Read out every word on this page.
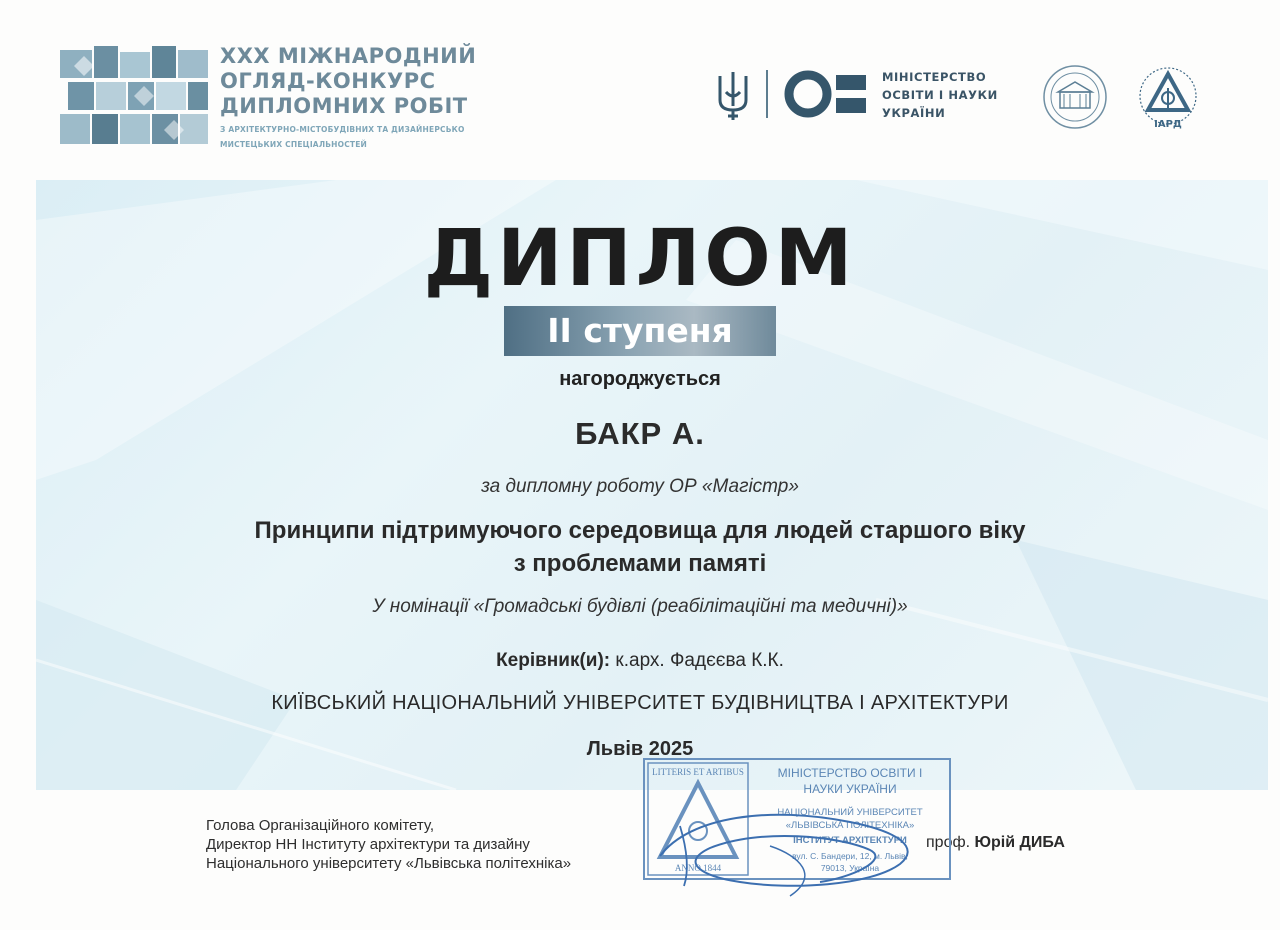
XXX МІЖНАРОДНИЙ
ОГЛЯД-КОНКУРС
ДИПЛОМНИХ РОБІТ
З АРХІТЕКТУРНО-МІСТОБУДІВНИХ ТА ДИЗАЙНЕРСЬКО
МИСТЕЦЬКИХ СПЕЦІАЛЬНОСТЕЙ
МІНІСТЕРСТВО
ОСВІТИ І НАУКИ
УКРАЇНИ
ІАРД
ДИПЛОМ
ІІ ступеня
нагороджується
БАКР А.
за дипломну роботу ОР «Магістр»
Принципи підтримуючого середовища для людей старшого віку
з проблемами памяті
У номінації «Громадські будівлі (реабілітаційні та медичні)»
Керівник(и): к.арх. Фадєєва К.К.
КИЇВСЬКИЙ НАЦІОНАЛЬНИЙ УНІВЕРСИТЕТ БУДІВНИЦТВА І АРХІТЕКТУРИ
Львів 2025
Голова Організаційного комітету,
Директор НН Інституту архітектури та дизайну
Національного університету «Львівська політехніка»
проф. Юрій ДИБА
LITTERIS ET ARTIBUS
ANNO 1844
МІНІСТЕРСТВО ОСВІТИ І
НАУКИ УКРАЇНИ
НАЦІОНАЛЬНИЙ УНІВЕРСИТЕТ
«ЛЬВІВСЬКА ПОЛІТЕХНІКА»
ІНСТИТУТ АРХІТЕКТУРИ
вул. С. Бандери, 12, м. Львів,
79013, Україна
